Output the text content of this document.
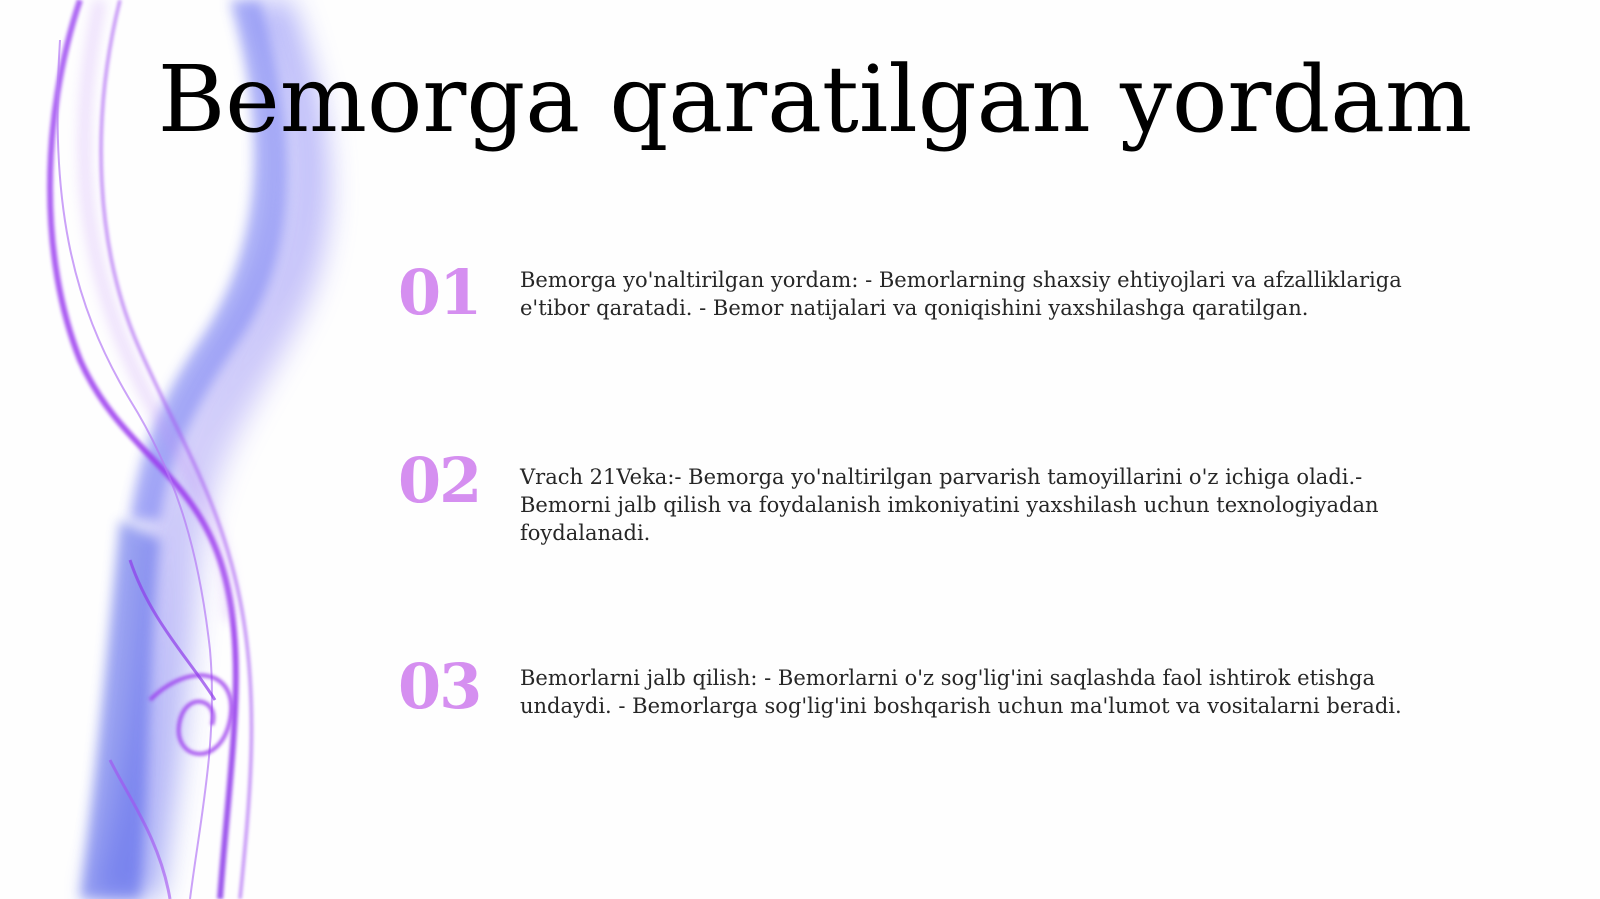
Bemorga qaratilgan yordam
01	Bemorga yo'naltirilgan yordam: - Bemorlarning shaxsiy ehtiyojlari va afzalliklariga e'tibor qaratadi. - Bemor natijalari va qoniqishini yaxshilashga qaratilgan.
02	Vrach 21Veka:- Bemorga yo'naltirilgan parvarish tamoyillarini o'z ichiga oladi.- Bemorni jalb qilish va foydalanish imkoniyatini yaxshilash uchun texnologiyadan foydalanadi.
03	Bemorlarni jalb qilish: - Bemorlarni o'z sog'lig'ini saqlashda faol ishtirok etishga undaydi. - Bemorlarga sog'lig'ini boshqarish uchun ma'lumot va vositalarni beradi.
